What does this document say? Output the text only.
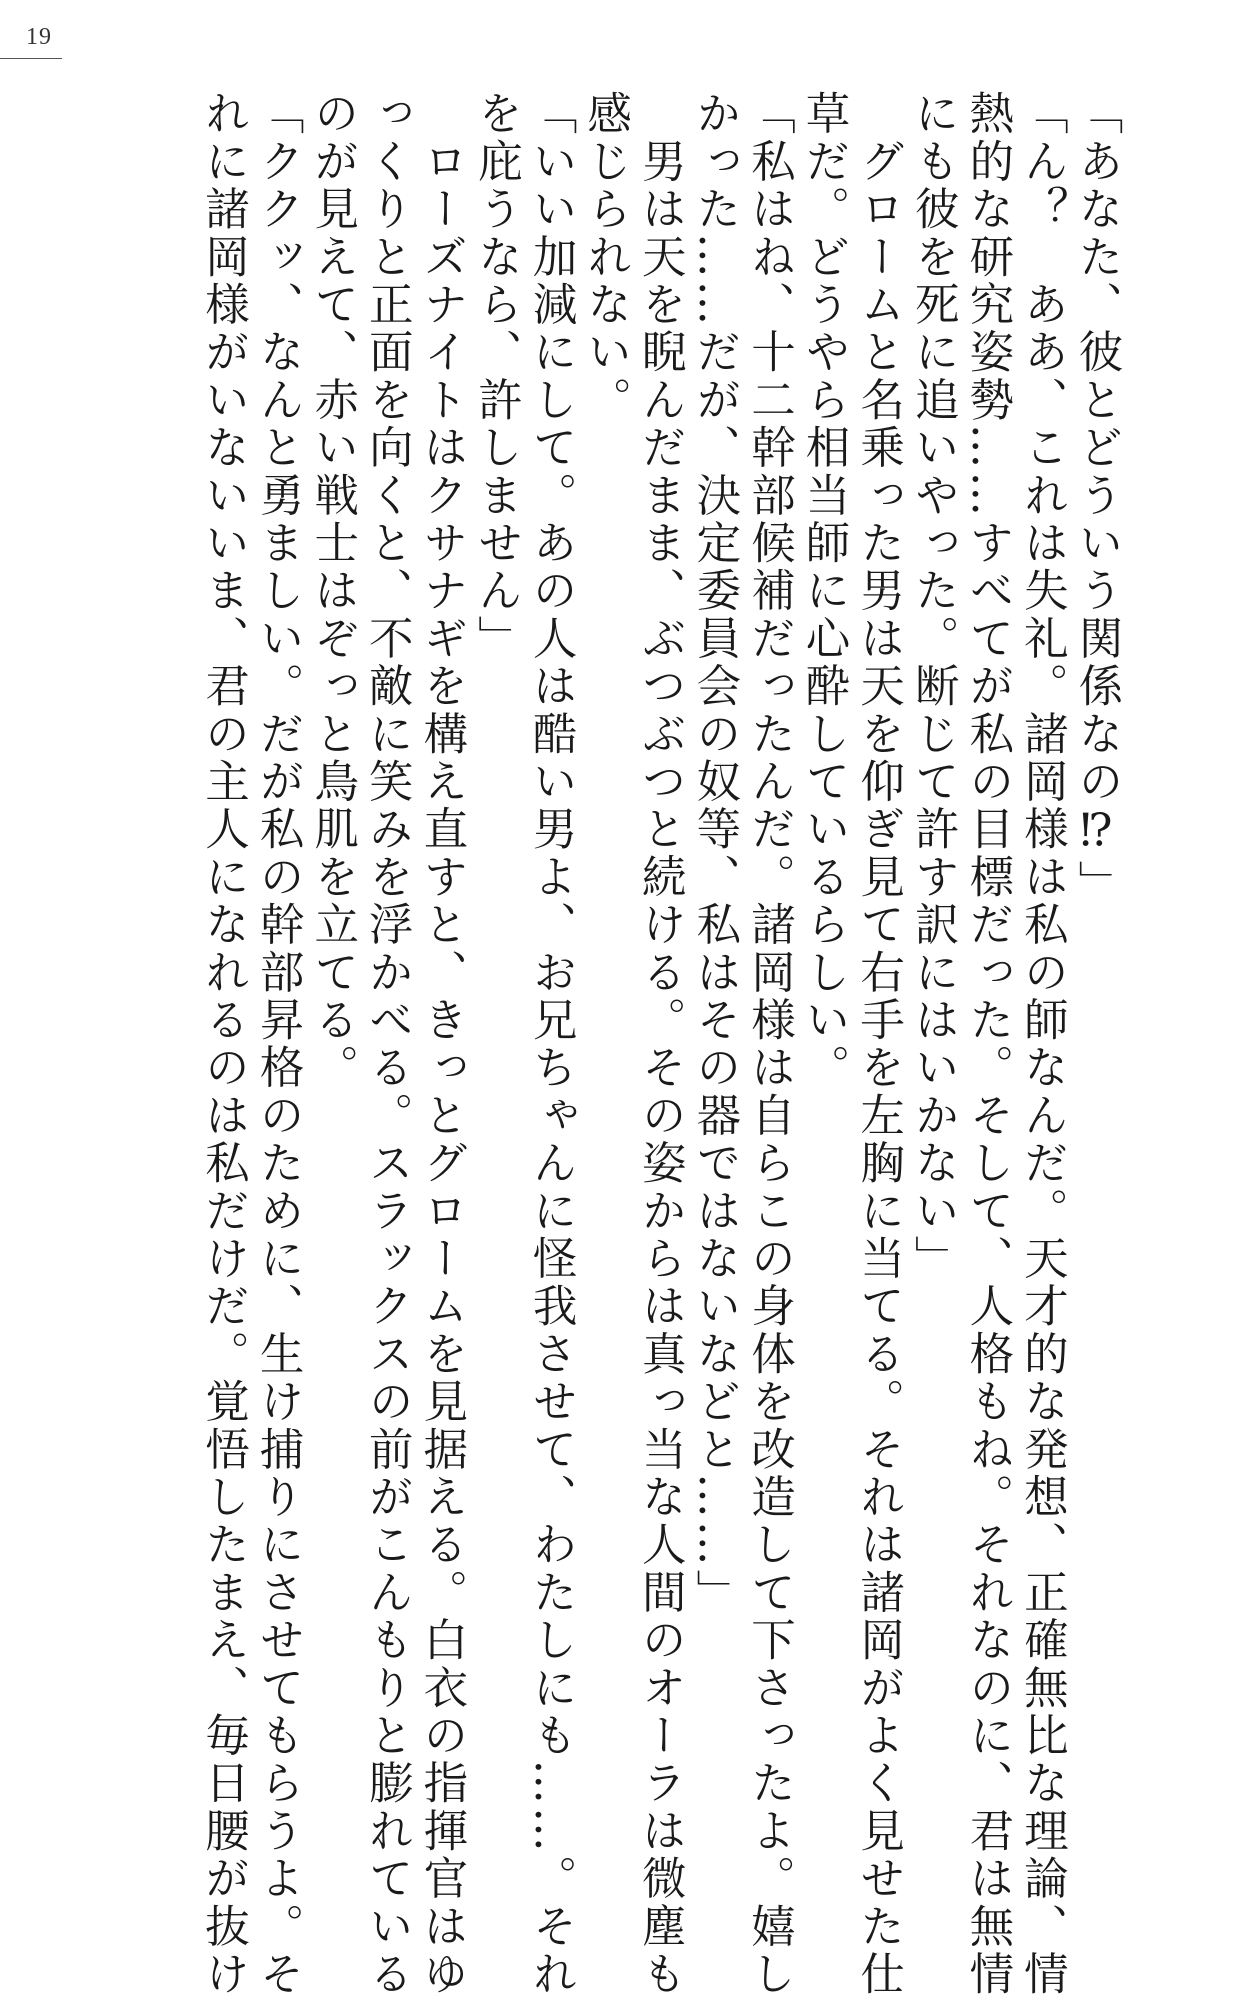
19
「あなた、彼とどういう関係なの⁉」
「ん？　ああ、これは失礼。諸岡様は私の師なんだ。天才的な発想、正確無比な理論、情
熱的な研究姿勢……すべてが私の目標だった。そして、人格もね。それなのに、君は無情
にも彼を死に追いやった。断じて許す訳にはいかない」
　グロームと名乗った男は天を仰ぎ見て右手を左胸に当てる。それは諸岡がよく見せた仕
草だ。どうやら相当師に心酔しているらしい。
「私はね、十二幹部候補だったんだ。諸岡様は自らこの身体を改造して下さったよ。嬉し
かった……だが、決定委員会の奴等、私はその器ではないなどと……」
　男は天を睨んだまま、ぶつぶつと続ける。その姿からは真っ当な人間のオーラは微塵も
感じられない。
「いい加減にして。あの人は酷い男よ、お兄ちゃんに怪我させて、わたしにも……。それ
を庇うなら、許しません」
　ローズナイトはクサナギを構え直すと、きっとグロームを見据える。白衣の指揮官はゆ
っくりと正面を向くと、不敵に笑みを浮かべる。スラックスの前がこんもりと膨れている
のが見えて、赤い戦士はぞっと鳥肌を立てる。
「ククッ、なんと勇ましい。だが私の幹部昇格のために、生け捕りにさせてもらうよ。そ
れに諸岡様がいないいま、君の主人になれるのは私だけだ。覚悟したまえ、毎日腰が抜け
